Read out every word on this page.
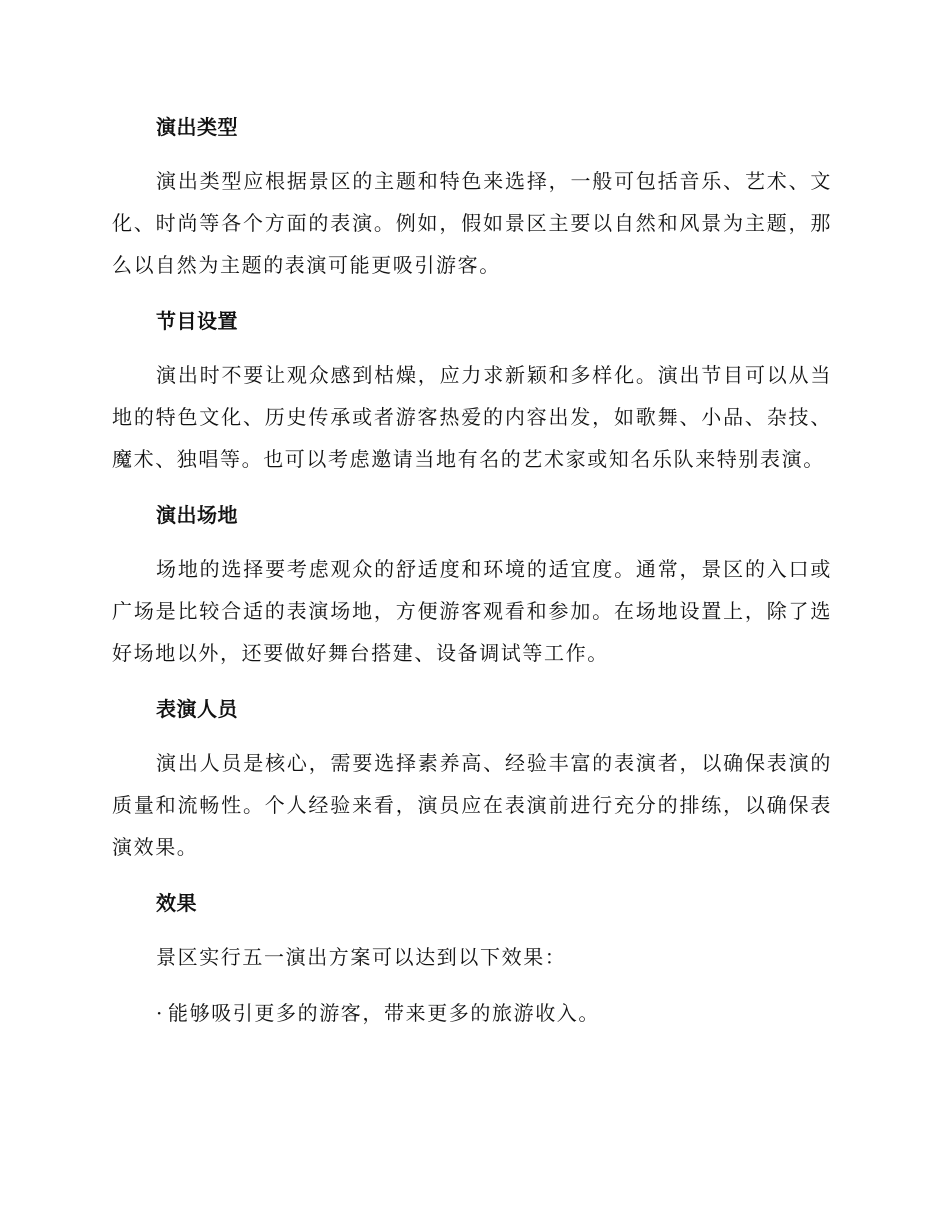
演出类型

演出类型应根据景区的主题和特色来选择，一般可包括音乐、艺术、文化、时尚等各个方面的表演。例如，假如景区主要以自然和风景为主题，那么以自然为主题的表演可能更吸引游客。

节目设置

演出时不要让观众感到枯燥，应力求新颖和多样化。演出节目可以从当地的特色文化、历史传承或者游客热爱的内容出发，如歌舞、小品、杂技、魔术、独唱等。也可以考虑邀请当地有名的艺术家或知名乐队来特别表演。

演出场地

场地的选择要考虑观众的舒适度和环境的适宜度。通常，景区的入口或广场是比较合适的表演场地，方便游客观看和参加。在场地设置上，除了选好场地以外，还要做好舞台搭建、设备调试等工作。

表演人员

演出人员是核心，需要选择素养高、经验丰富的表演者，以确保表演的质量和流畅性。个人经验来看，演员应在表演前进行充分的排练，以确保表演效果。

效果

景区实行五一演出方案可以达到以下效果：

· 能够吸引更多的游客，带来更多的旅游收入。
